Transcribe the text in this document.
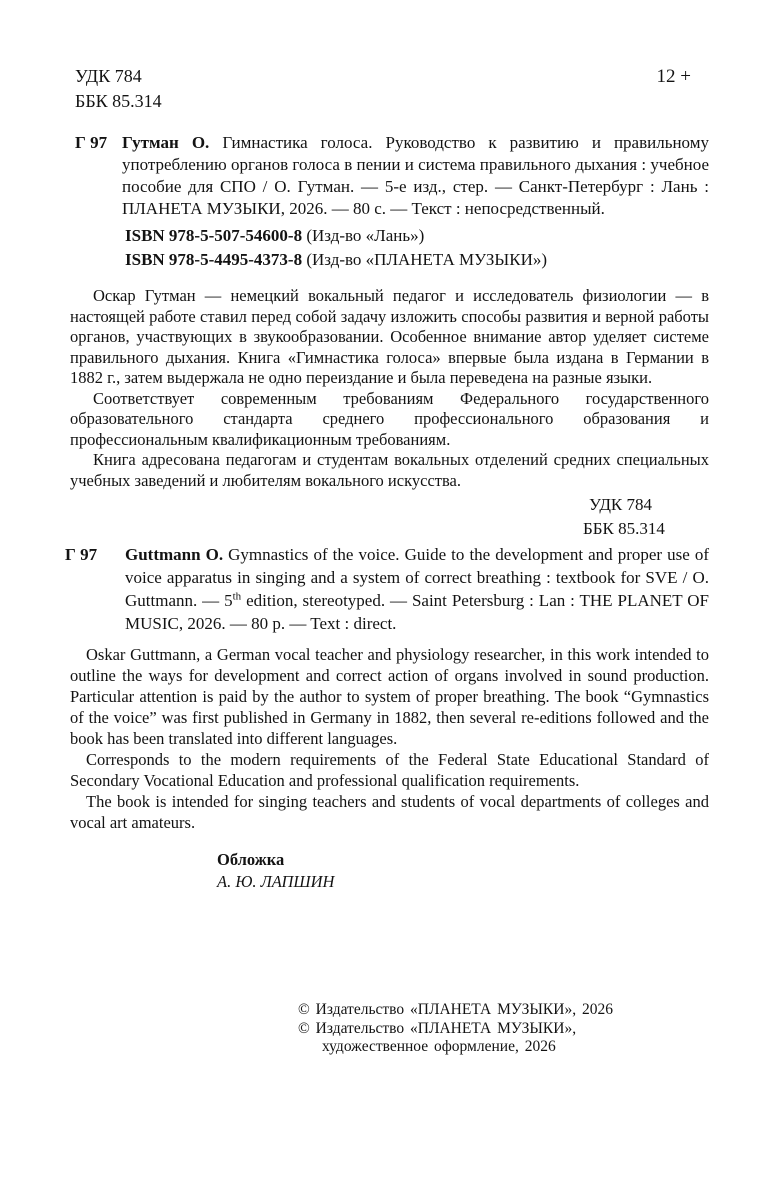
УДК 784
ББК 85.314
12 +
Г 97 Гутман О. Гимнастика голоса. Руководство к развитию и правильному употреблению органов голоса в пении и система правильного дыхания : учебное пособие для СПО / О. Гутман. — 5-е изд., стер. — Санкт-Петербург : Лань : ПЛАНЕТА МУЗЫКИ, 2026. — 80 с. — Текст : непосредственный.
ISBN 978-5-507-54600-8 (Изд-во «Лань»)
ISBN 978-5-4495-4373-8 (Изд-во «ПЛАНЕТА МУЗЫКИ»)

Оскар Гутман — немецкий вокальный педагог и исследователь физиологии — в настоящей работе ставил перед собой задачу изложить способы развития и верной работы органов, участвующих в звукообразовании. Особенное внимание автор уделяет системе правильного дыхания. Книга «Гимнастика голоса» впервые была издана в Германии в 1882 г., затем выдержала не одно переиздание и была переведена на разные языки.

Соответствует современным требованиям Федерального государственного образовательного стандарта среднего профессионального образования и профессиональным квалификационным требованиям.

Книга адресована педагогам и студентам вокальных отделений средних специальных учебных заведений и любителям вокального искусства.

УДК 784
ББК 85.314
Г 97 Guttmann O. Gymnastics of the voice. Guide to the development and proper use of voice apparatus in singing and a system of correct breathing : textbook for SVE / O. Guttmann. — 5th edition, stereotyped. — Saint Petersburg : Lan : THE PLANET OF MUSIC, 2026. — 80 p. — Text : direct.

Oskar Guttmann, a German vocal teacher and physiology researcher, in this work intended to outline the ways for development and correct action of organs involved in sound production. Particular attention is paid by the author to system of proper breathing. The book “Gymnastics of the voice” was first published in Germany in 1882, then several re-editions followed and the book has been translated into different languages.

Corresponds to the modern requirements of the Federal State Educational Standard of Secondary Vocational Education and professional qualification requirements.

The book is intended for singing teachers and students of vocal departments of colleges and vocal art amateurs.

Обложка
А. Ю. ЛАПШИН
© Издательство «ПЛАНЕТА МУЗЫКИ», 2026
© Издательство «ПЛАНЕТА МУЗЫКИ»,
художественное оформление, 2026
